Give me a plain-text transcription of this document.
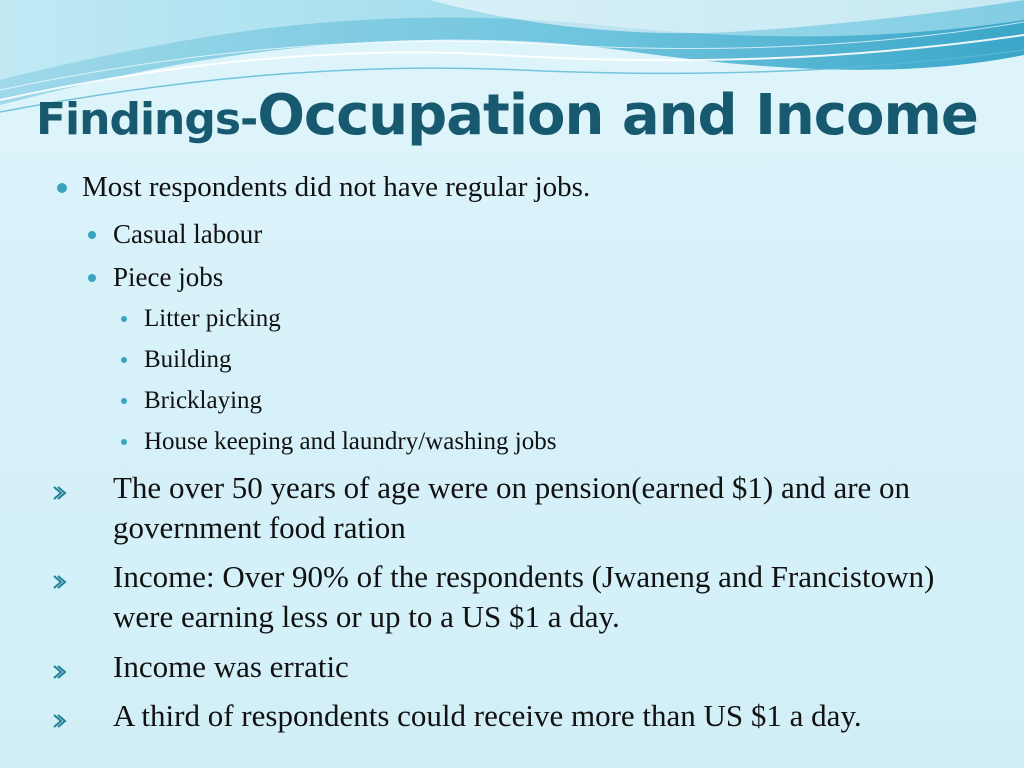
Findings-Occupation and Income
Most respondents did not have regular jobs.
Casual labour
Piece jobs
Litter picking
Building
Bricklaying
House keeping and laundry/washing jobs
The over 50 years of age were on pension(earned $1) and are on government food ration
Income: Over 90% of the respondents (Jwaneng and Francistown) were earning less or up to a US $1 a day.
Income was erratic
A third of respondents could receive more than US $1 a day.
